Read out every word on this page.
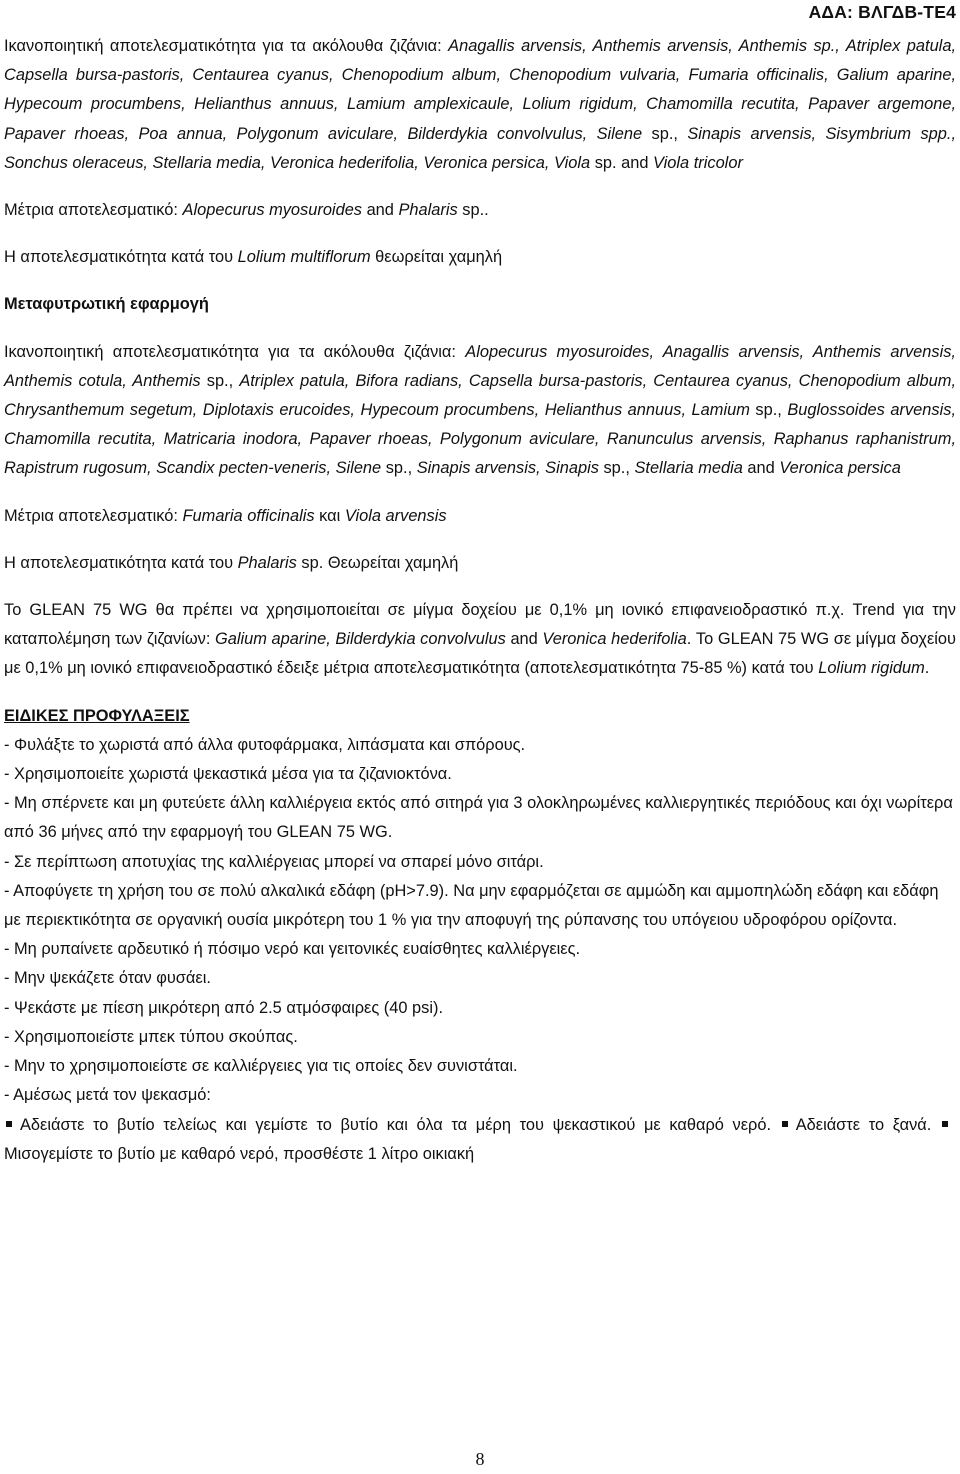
ΑΔΑ: ΒΛΓΔΒ-ΤΕ4

Ικανοποιητική αποτελεσματικότητα για τα ακόλουθα ζιζάνια: Anagallis arvensis, Anthemis arvensis, Anthemis sp., Atriplex patula, Capsella bursa-pastoris, Centaurea cyanus, Chenopodium album, Chenopodium vulvaria, Fumaria officinalis, Galium aparine, Hypecoum procumbens, Helianthus annuus, Lamium amplexicaule, Lolium rigidum, Chamomilla recutita, Papaver argemone, Papaver rhoeas, Poa annua, Polygonum aviculare, Bilderdykia convolvulus, Silene sp., Sinapis arvensis, Sisymbrium spp., Sonchus oleraceus, Stellaria media, Veronica hederifolia, Veronica persica, Viola sp. and Viola tricolor

Μέτρια αποτελεσματικό: Alopecurus myosuroides and Phalaris sp..

Η αποτελεσματικότητα κατά του Lolium multiflorum θεωρείται χαμηλή

Μεταφυτρωτική εφαρμογή

Ικανοποιητική αποτελεσματικότητα για τα ακόλουθα ζιζάνια: Alopecurus myosuroides, Anagallis arvensis, Anthemis arvensis, Anthemis cotula, Anthemis sp., Atriplex patula, Bifora radians, Capsella bursa-pastoris, Centaurea cyanus, Chenopodium album, Chrysanthemum segetum, Diplotaxis erucoides, Hypecoum procumbens, Helianthus annuus, Lamium sp., Buglossoides arvensis, Chamomilla recutita, Matricaria inodora, Papaver rhoeas, Polygonum aviculare, Ranunculus arvensis, Raphanus raphanistrum, Rapistrum rugosum, Scandix pecten-veneris, Silene sp., Sinapis arvensis, Sinapis sp., Stellaria media and Veronica persica

Μέτρια αποτελεσματικό: Fumaria officinalis και Viola arvensis

Η αποτελεσματικότητα κατά του Phalaris sp. Θεωρείται χαμηλή

Το GLEAN 75 WG θα πρέπει να χρησιμοποιείται σε μίγμα δοχείου με 0,1% μη ιονικό επιφανειοδραστικό π.χ. Trend για την καταπολέμηση των ζιζανίων: Galium aparine, Bilderdykia convolvulus and Veronica hederifolia. Το GLEAN 75 WG σε μίγμα δοχείου με 0,1% μη ιονικό επιφανειοδραστικό έδειξε μέτρια αποτελεσματικότητα (αποτελεσματικότητα 75-85 %) κατά του Lolium rigidum.

ΕΙΔΙΚΕΣ ΠΡΟΦΥΛΑΞΕΙΣ

- Φυλάξτε το χωριστά από άλλα φυτοφάρμακα, λιπάσματα και σπόρους.

- Χρησιμοποιείτε χωριστά ψεκαστικά μέσα για τα ζιζανιοκτόνα.

- Μη σπέρνετε και μη φυτεύετε άλλη καλλιέργεια εκτός από σιτηρά για 3 ολοκληρωμένες καλλιεργητικές περιόδους και όχι νωρίτερα από 36 μήνες από την εφαρμογή του GLEAN 75 WG.

- Σε περίπτωση αποτυχίας της καλλιέργειας μπορεί να σπαρεί μόνο σιτάρι.

- Αποφύγετε τη χρήση του σε πολύ αλκαλικά εδάφη (pH>7.9). Να μην εφαρμόζεται σε αμμώδη και αμμοπηλώδη εδάφη και εδάφη με περιεκτικότητα σε οργανική ουσία μικρότερη του 1 % για την αποφυγή της ρύπανσης του υπόγειου υδροφόρου ορίζοντα.

- Μη ρυπαίνετε αρδευτικό ή πόσιμο νερό και γειτονικές ευαίσθητες καλλιέργειες.

- Μην ψεκάζετε όταν φυσάει.

- Ψεκάστε με πίεση μικρότερη από 2.5 ατμόσφαιρες (40 psi).

- Χρησιμοποιείστε μπεκ τύπου σκούπας.

- Μην το χρησιμοποιείστε σε καλλιέργειες για τις οποίες δεν συνιστάται.

- Αμέσως μετά τον ψεκασμό:

Αδειάστε το βυτίο τελείως και γεμίστε το βυτίο και όλα τα μέρη του ψεκαστικού με καθαρό νερό. Αδειάστε το ξανά. Μισογεμίστε το βυτίο με καθαρό νερό, προσθέστε 1 λίτρο οικιακή

8
